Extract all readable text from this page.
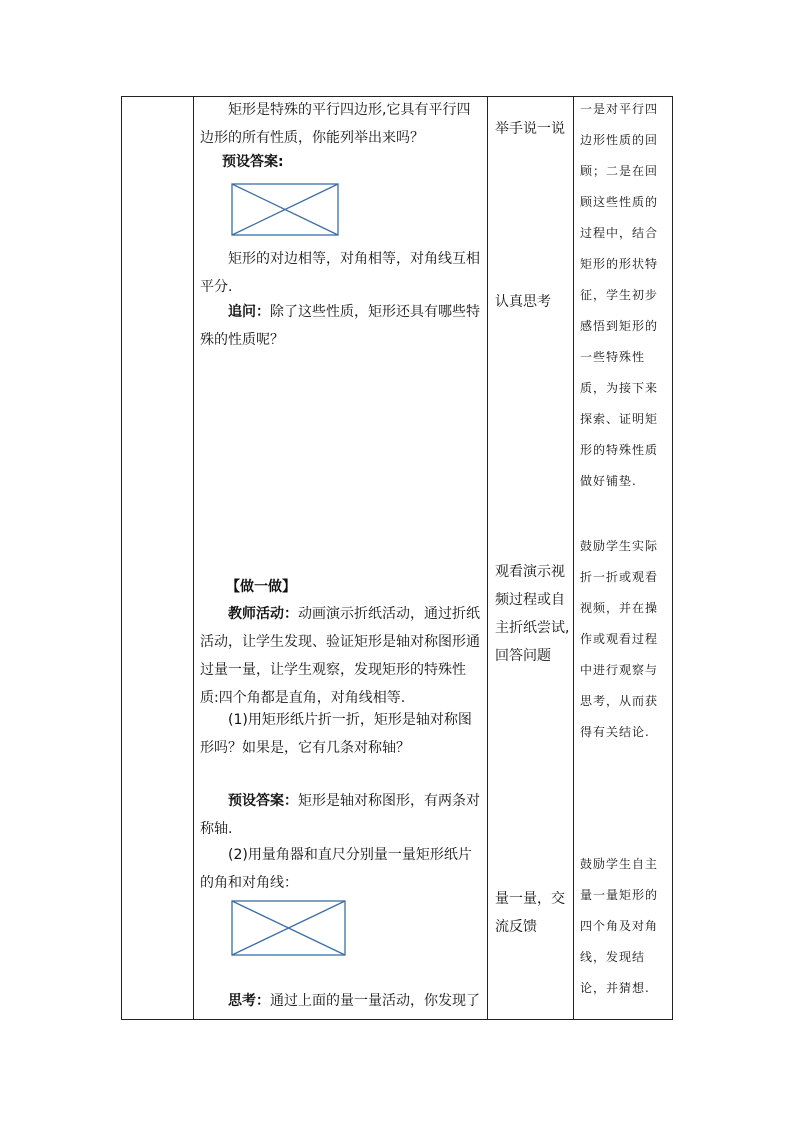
矩形是特殊的平行四边形,它具有平行四边形的所有性质，你能列举出来吗？

预设答案:

矩形的对边相等，对角相等，对角线互相平分.

追问：除了这些性质，矩形还具有哪些特殊的性质呢？

【做一做】

教师活动：动画演示折纸活动，通过折纸活动，让学生发现、验证矩形是轴对称图形通过量一量，让学生观察，发现矩形的特殊性质:四个角都是直角，对角线相等.

(1)用矩形纸片折一折，矩形是轴对称图形吗？如果是，它有几条对称轴？

预设答案：矩形是轴对称图形，有两条对称轴.

(2)用量角器和直尺分别量一量矩形纸片的角和对角线：

思考：通过上面的量一量活动，你发现了

举手说一说

认真思考

观看演示视频过程或自主折纸尝试,回答问题

量一量，交流反馈

一是对平行四边形性质的回顾；二是在回顾这些性质的过程中，结合矩形的形状特征，学生初步感悟到矩形的一些特殊性质，为接下来探索、证明矩形的特殊性质做好铺垫.

鼓励学生实际折一折或观看视频，并在操作或观看过程中进行观察与思考，从而获得有关结论.

鼓励学生自主量一量矩形的四个角及对角线，发现结论，并猜想.
